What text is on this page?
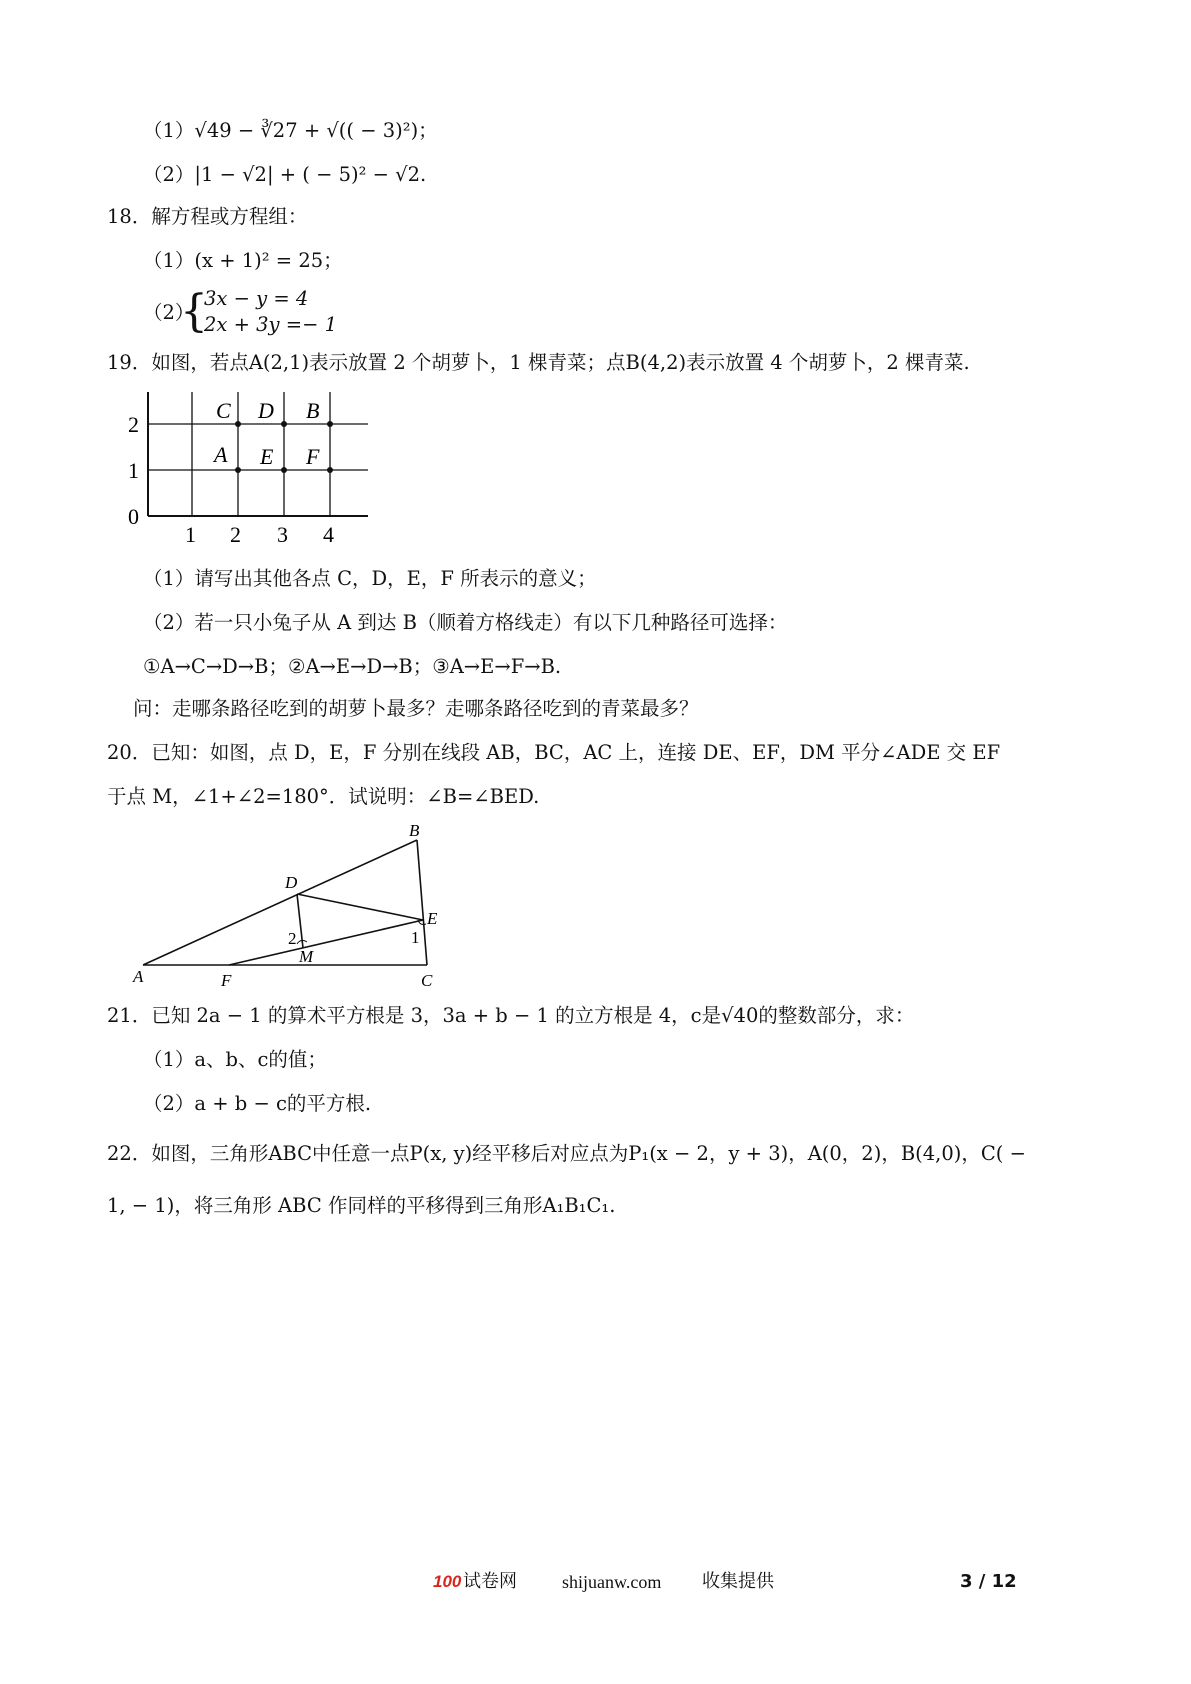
（1）√49 − ∛27 + √(( − 3)²)；
（2）|1 − √2| + ( − 5)² − √2.
18．解方程或方程组：
（1）(x + 1)² = 25；
（2）
{
3x − y = 4
2x + 3y =− 1
19．如图，若点A(2,1)表示放置 2 个胡萝卜，1 棵青菜；点B(4,2)表示放置 4 个胡萝卜，2 棵青菜.
2
1
0
1 2 3 4
C D B
A E F
（1）请写出其他各点 C，D，E，F 所表示的意义；
（2）若一只小兔子从 A 到达 B（顺着方格线走）有以下几种路径可选择：
①A→C→D→B；②A→E→D→B；③A→E→F→B.
问：走哪条路径吃到的胡萝卜最多？走哪条路径吃到的青菜最多？
20．已知：如图，点 D，E，F 分别在线段 AB，BC，AC 上，连接 DE、EF，DM 平分∠ADE 交 EF
于点 M，∠1+∠2=180°．试说明：∠B=∠BED.
B
D
E
2	1
M
A	F	C
21．已知 2a − 1 的算术平方根是 3，3a + b − 1 的立方根是 4，c是√40的整数部分，求：
（1）a、b、c的值；
（2）a + b − c的平方根.
22．如图，三角形ABC中任意一点P(x, y)经平移后对应点为P₁(x − 2，y + 3)，A(0，2)，B(4,0)，C( −
1, − 1)，将三角形 ABC 作同样的平移得到三角形A₁B₁C₁.
100 试卷网	shijuanw.com 收集提供	3 / 12
